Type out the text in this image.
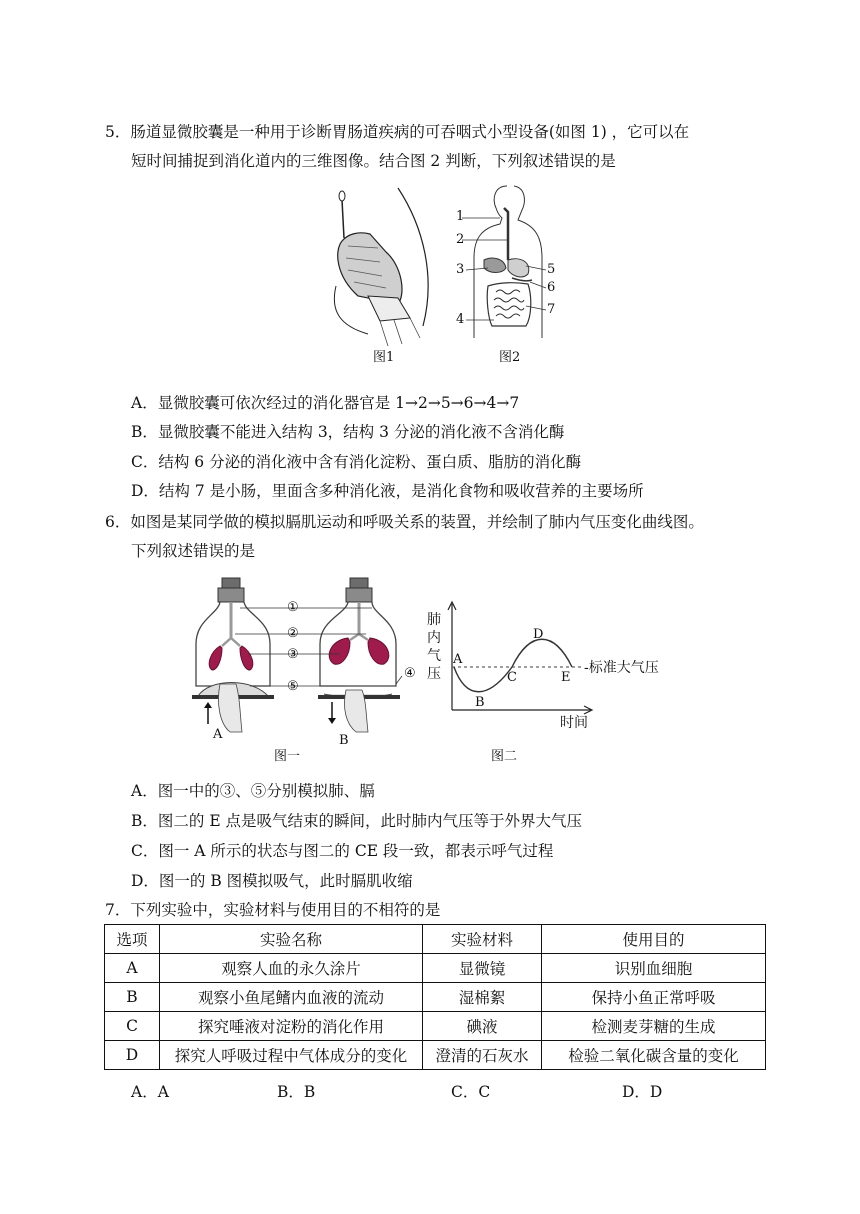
5．肠道显微胶囊是一种用于诊断胃肠道疾病的可吞咽式小型设备(如图 1) ，它可以在
短时间捕捉到消化道内的三维图像。结合图 2 判断，下列叙述错误的是
图1
1
2
3
4
5
6
7
图2
A．显微胶囊可依次经过的消化器官是 1→2→5→6→4→7
B．显微胶囊不能进入结构 3，结构 3 分泌的消化液不含消化酶
C．结构 6 分泌的消化液中含有消化淀粉、蛋白质、脂肪的消化酶
D．结构 7 是小肠，里面含多种消化液，是消化食物和吸收营养的主要场所
6．如图是某同学做的模拟膈肌运动和呼吸关系的装置，并绘制了肺内气压变化曲线图。
下列叙述错误的是
①
②
③
④
⑤
A	B
图一
肺
内
气
压
A
B
C
D
E
-标准大气压
时间
图二
A．图一中的③、⑤分别模拟肺、膈
B．图二的 E 点是吸气结束的瞬间，此时肺内气压等于外界大气压
C．图一 A 所示的状态与图二的 CE 段一致，都表示呼气过程
D．图一的 B 图模拟吸气，此时膈肌收缩
7．下列实验中，实验材料与使用目的不相符的是
选项	实验名称	实验材料	使用目的
A	观察人血的永久涂片	显微镜	识别血细胞
B	观察小鱼尾鳍内血液的流动	湿棉絮	保持小鱼正常呼吸
C	探究唾液对淀粉的消化作用	碘液	检测麦芽糖的生成
D	探究人呼吸过程中气体成分的变化	澄清的石灰水	检验二氧化碳含量的变化
A．A	B．B	C．C	D．D
